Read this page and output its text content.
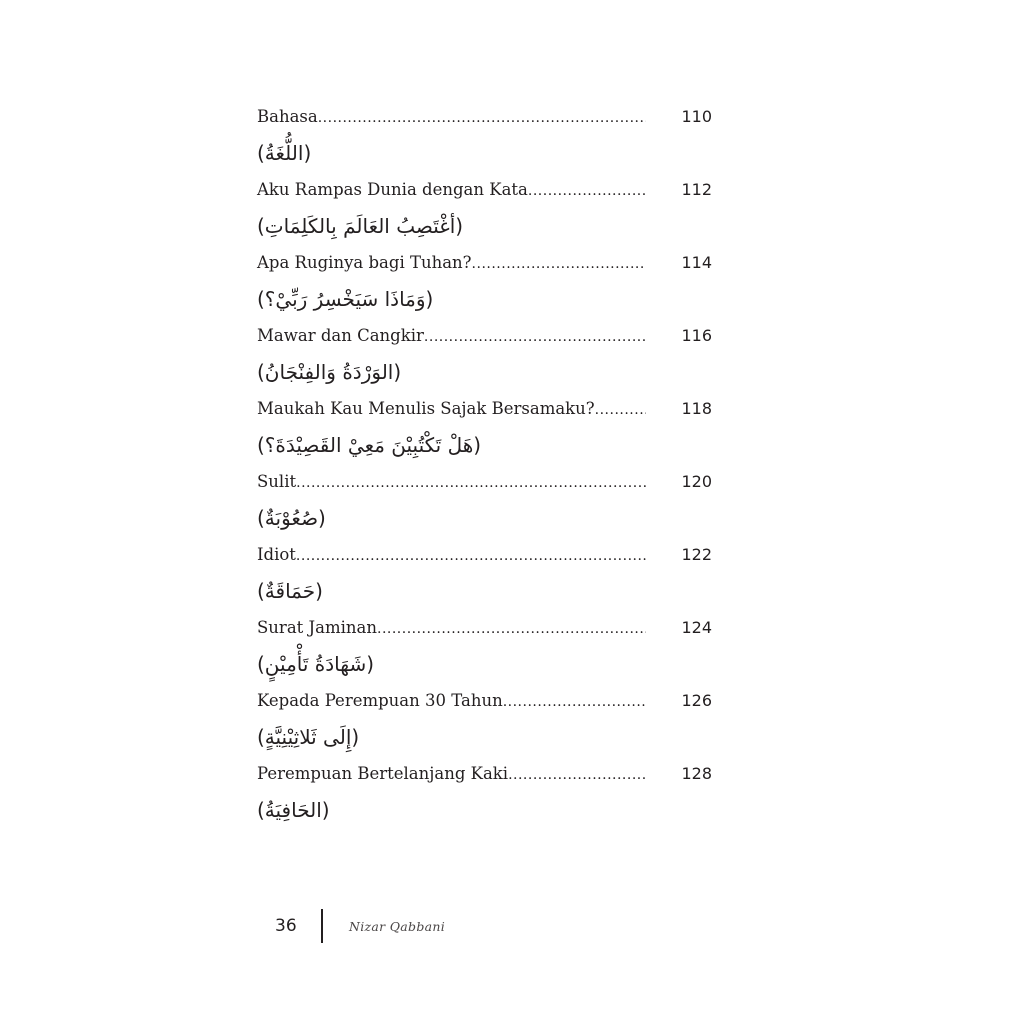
Bahasa .....	110
(اللُّغَةُ)
Aku Rampas Dunia dengan Kata .....	112
(أغْتَصِبُ العَالَمَ بِالكَلِمَاتِ)
Apa Ruginya bagi Tuhan? .....	114
(وَمَاذَا سَيَخْسِرُ رَبِّيْ؟)
Mawar dan Cangkir .....	116
(الوَرْدَةُ وَالفِنْجَانُ)
Maukah Kau Menulis Sajak Bersamaku? .....	118
(هَلْ تَكْتُبِيْنَ مَعِيْ القَصِيْدَةَ؟)
Sulit .....	120
(صُعُوْبَةٌ)
Idiot .....	122
(حَمَاقَةٌ)
Surat Jaminan .....	124
(شَهَادَةُ تَأْمِيْنٍ)
Kepada Perempuan 30 Tahun .....	126
(إِلَى ثَلاثِيْنِيَّةٍ)
Perempuan Bertelanjang Kaki .....	128
(الحَافِيَةُ)
36	Nizar Qabbani
